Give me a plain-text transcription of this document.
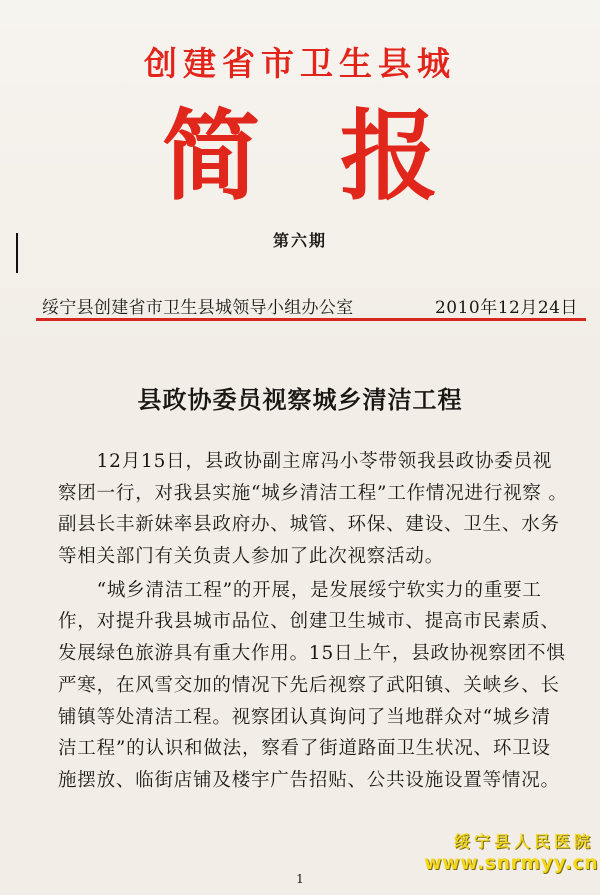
创建省市卫生县城
简报
第六期
绥宁县创建省市卫生县城领导小组办公室	2010年12月24日
县政协委员视察城乡清洁工程
　　12月15日，县政协副主席冯小苓带领我县政协委员视
察团一行，对我县实施“城乡清洁工程”工作情况进行视察 。
副县长丰新妹率县政府办、城管、环保、建设、卫生、水务
等相关部门有关负责人参加了此次视察活动。
　　“城乡清洁工程”的开展，是发展绥宁软实力的重要工
作，对提升我县城市品位、创建卫生城市、提高市民素质、
发展绿色旅游具有重大作用。15日上午，县政协视察团不惧
严寒，在风雪交加的情况下先后视察了武阳镇、关峡乡、长
铺镇等处清洁工程。视察团认真询问了当地群众对“城乡清
洁工程”的认识和做法，察看了街道路面卫生状况、环卫设
施摆放、临街店铺及楼宇广告招贴、公共设施设置等情况。
1
绥宁县人民医院
www.snrmyy.cn
